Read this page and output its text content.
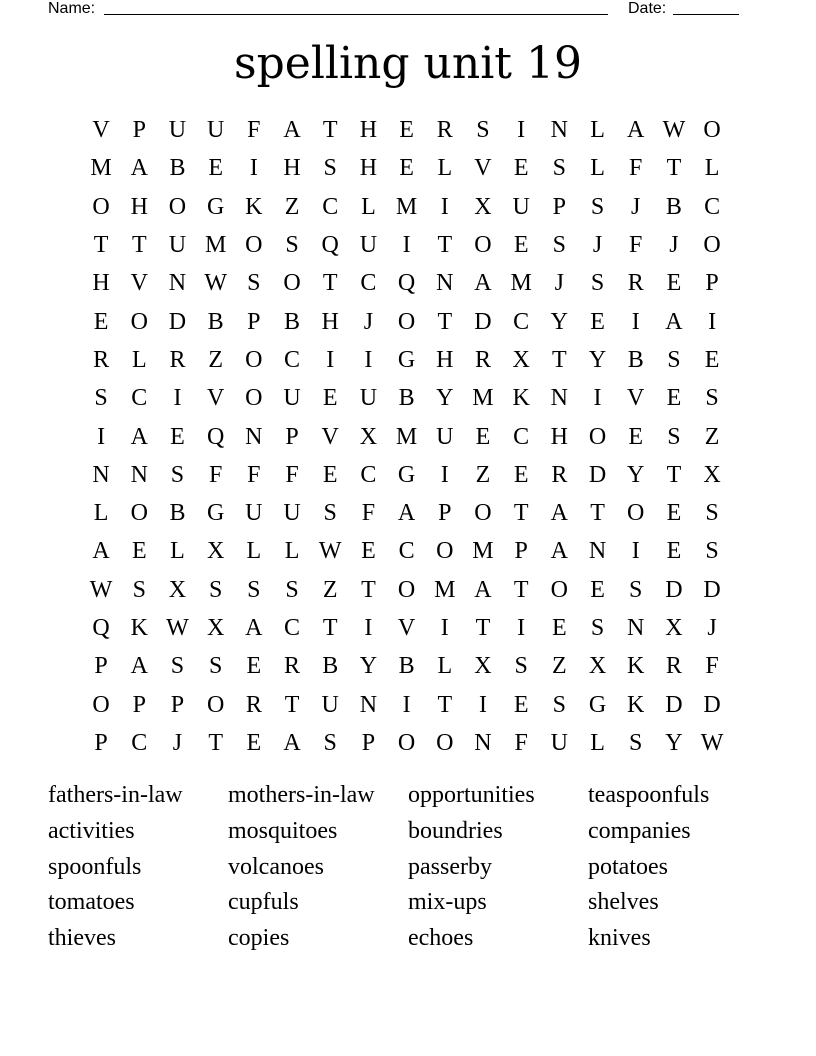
Name:	Date:
spelling unit 19
V P U U F A T H E R S	I	N L A W O
M A B E	I	H S H E L V E	S	L	F	T L
O H O G K Z C L M I	X U P	S	J	B C
T T U M O S Q U	I	T O E	S	J	F	J	O
H V N W S O T C Q N A M J	S R E	P
E O D B P B H	J	O T D C Y E	I	A	I
R L R Z O C	I	I	G H R X T Y B S	E
S C	I	V O U E U B Y M K N	I	V E	S
I	A E Q N P V X M U E C H O E	S	Z
N N S	F	F	F	E C G	I	Z E R D Y T X
L O B G U U S	F A P O T A T O E	S
A E L X L L W E C O M P A N	I	E	S
W S X S	S	S	Z T O M A T O E	S D D
Q K W X A C T	I	V	I	T	I	E	S N X	J
P A S	S	E R B Y B L X S	Z X K R F
O P	P O R T U N	I	T	I	E	S G K D D
P C	J	T E A S	P O O N F U L	S Y W
fathers-in-law	mothers-in-law	opportunities	teaspoonfuls
activities	mosquitoes	boundries	companies
spoonfuls	volcanoes	passerby	potatoes
tomatoes	cupfuls	mix-ups	shelves
thieves	copies	echoes	knives
